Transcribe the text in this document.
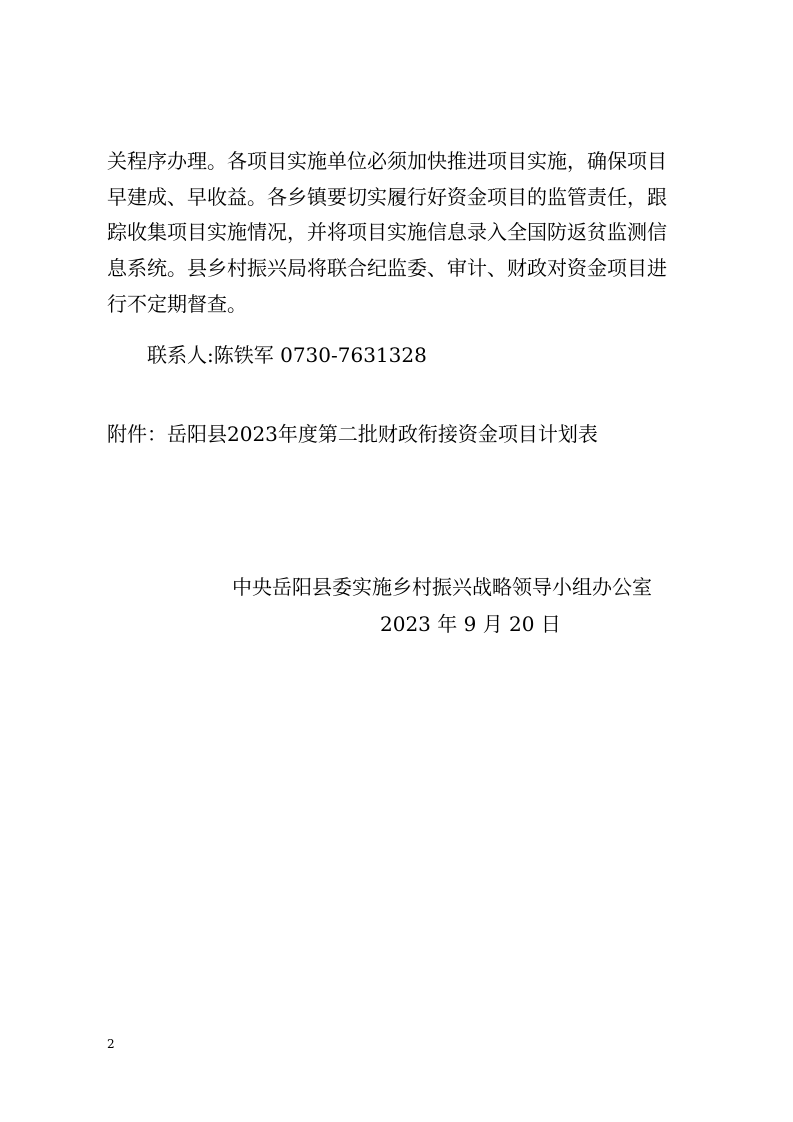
关程序办理。各项目实施单位必须加快推进项目实施，确保项目
早建成、早收益。各乡镇要切实履行好资金项目的监管责任，跟
踪收集项目实施情况，并将项目实施信息录入全国防返贫监测信
息系统。县乡村振兴局将联合纪监委、审计、财政对资金项目进
行不定期督查。
联系人:陈铁军 0730-7631328
附件：岳阳县2023年度第二批财政衔接资金项目计划表
中央岳阳县委实施乡村振兴战略领导小组办公室
2023 年 9 月 20 日
2
